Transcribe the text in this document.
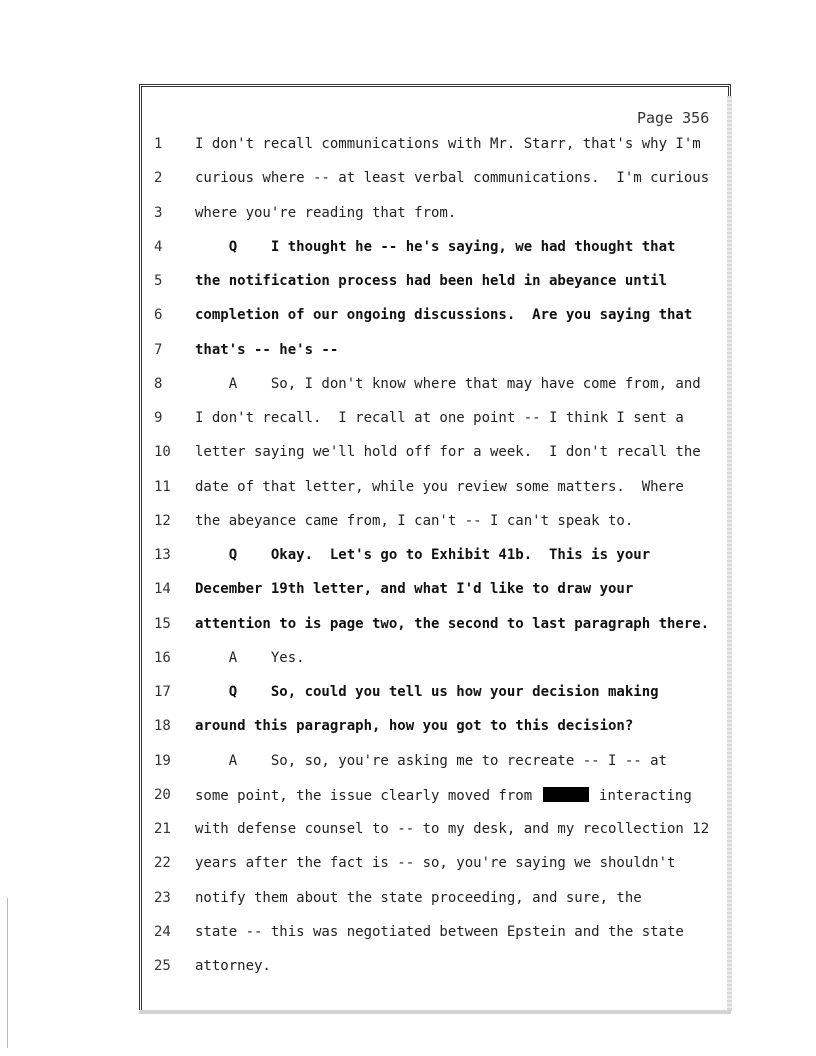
Page 356
1	I don't recall communications with Mr. Starr, that's why I'm
2	curious where -- at least verbal communications.  I'm curious
3	where you're reading that from.
4	Q    I thought he -- he's saying, we had thought that
5	the notification process had been held in abeyance until
6	completion of our ongoing discussions.  Are you saying that
7	that's -- he's --
8	A    So, I don't know where that may have come from, and
9	I don't recall.  I recall at one point -- I think I sent a
10 letter saying we'll hold off for a week.  I don't recall the
11 date of that letter, while you review some matters.  Where
12 the abeyance came from, I can't -- I can't speak to.
13 Q    Okay.  Let's go to Exhibit 41b.  This is your
14 December 19th letter, and what I'd like to draw your
15 attention to is page two, the second to last paragraph there.
16 A    Yes.
17 Q    So, could you tell us how your decision making
18 around this paragraph, how you got to this decision?
19 A    So, so, you're asking me to recreate -- I -- at
20 some point, the issue clearly moved from	interacting
21 with defense counsel to -- to my desk, and my recollection 12
22 years after the fact is -- so, you're saying we shouldn't
23 notify them about the state proceeding, and sure, the
24 state -- this was negotiated between Epstein and the state
25 attorney.
